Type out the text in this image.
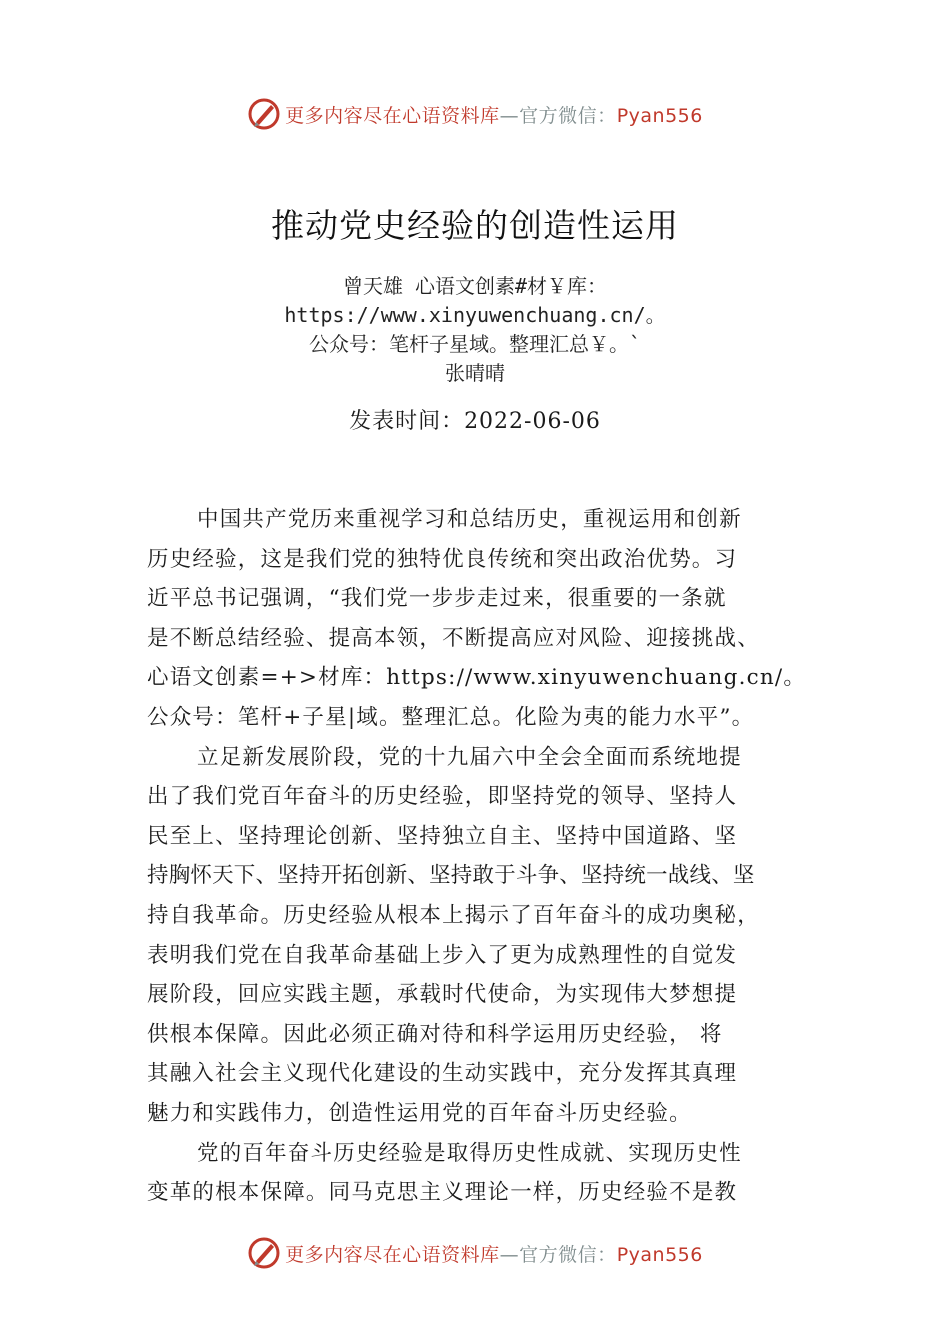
更多内容尽在心语资料库—官方微信：Pyan556
推动党史经验的创造性运用
曾天雄 心语文创素#材￥库：
https://www.xinyuwenchuang.cn/。
公众号：笔杆子星域。整理汇总￥。`
张晴晴
发表时间：2022-06-06
中国共产党历来重视学习和总结历史，重视运用和创新
历史经验，这是我们党的独特优良传统和突出政治优势。习
近平总书记强调，“我们党一步步走过来，很重要的一条就
是不断总结经验、提高本领，不断提高应对风险、迎接挑战、
心语文创素=+>材库：https://www.xinyuwenchuang.cn/。
公众号：笔杆+子星|域。整理汇总。化险为夷的能力水平”。
立足新发展阶段，党的十九届六中全会全面而系统地提
出了我们党百年奋斗的历史经验，即坚持党的领导、坚持人
民至上、坚持理论创新、坚持独立自主、坚持中国道路、坚
持胸怀天下、坚持开拓创新、坚持敢于斗争、坚持统一战线、坚
持自我革命。历史经验从根本上揭示了百年奋斗的成功奥秘，
表明我们党在自我革命基础上步入了更为成熟理性的自觉发
展阶段，回应实践主题，承载时代使命，为实现伟大梦想提
供根本保障。因此必须正确对待和科学运用历史经验， 将
其融入社会主义现代化建设的生动实践中，充分发挥其真理
魅力和实践伟力，创造性运用党的百年奋斗历史经验。
党的百年奋斗历史经验是取得历史性成就、实现历史性
变革的根本保障。同马克思主义理论一样，历史经验不是教
更多内容尽在心语资料库—官方微信：Pyan556
